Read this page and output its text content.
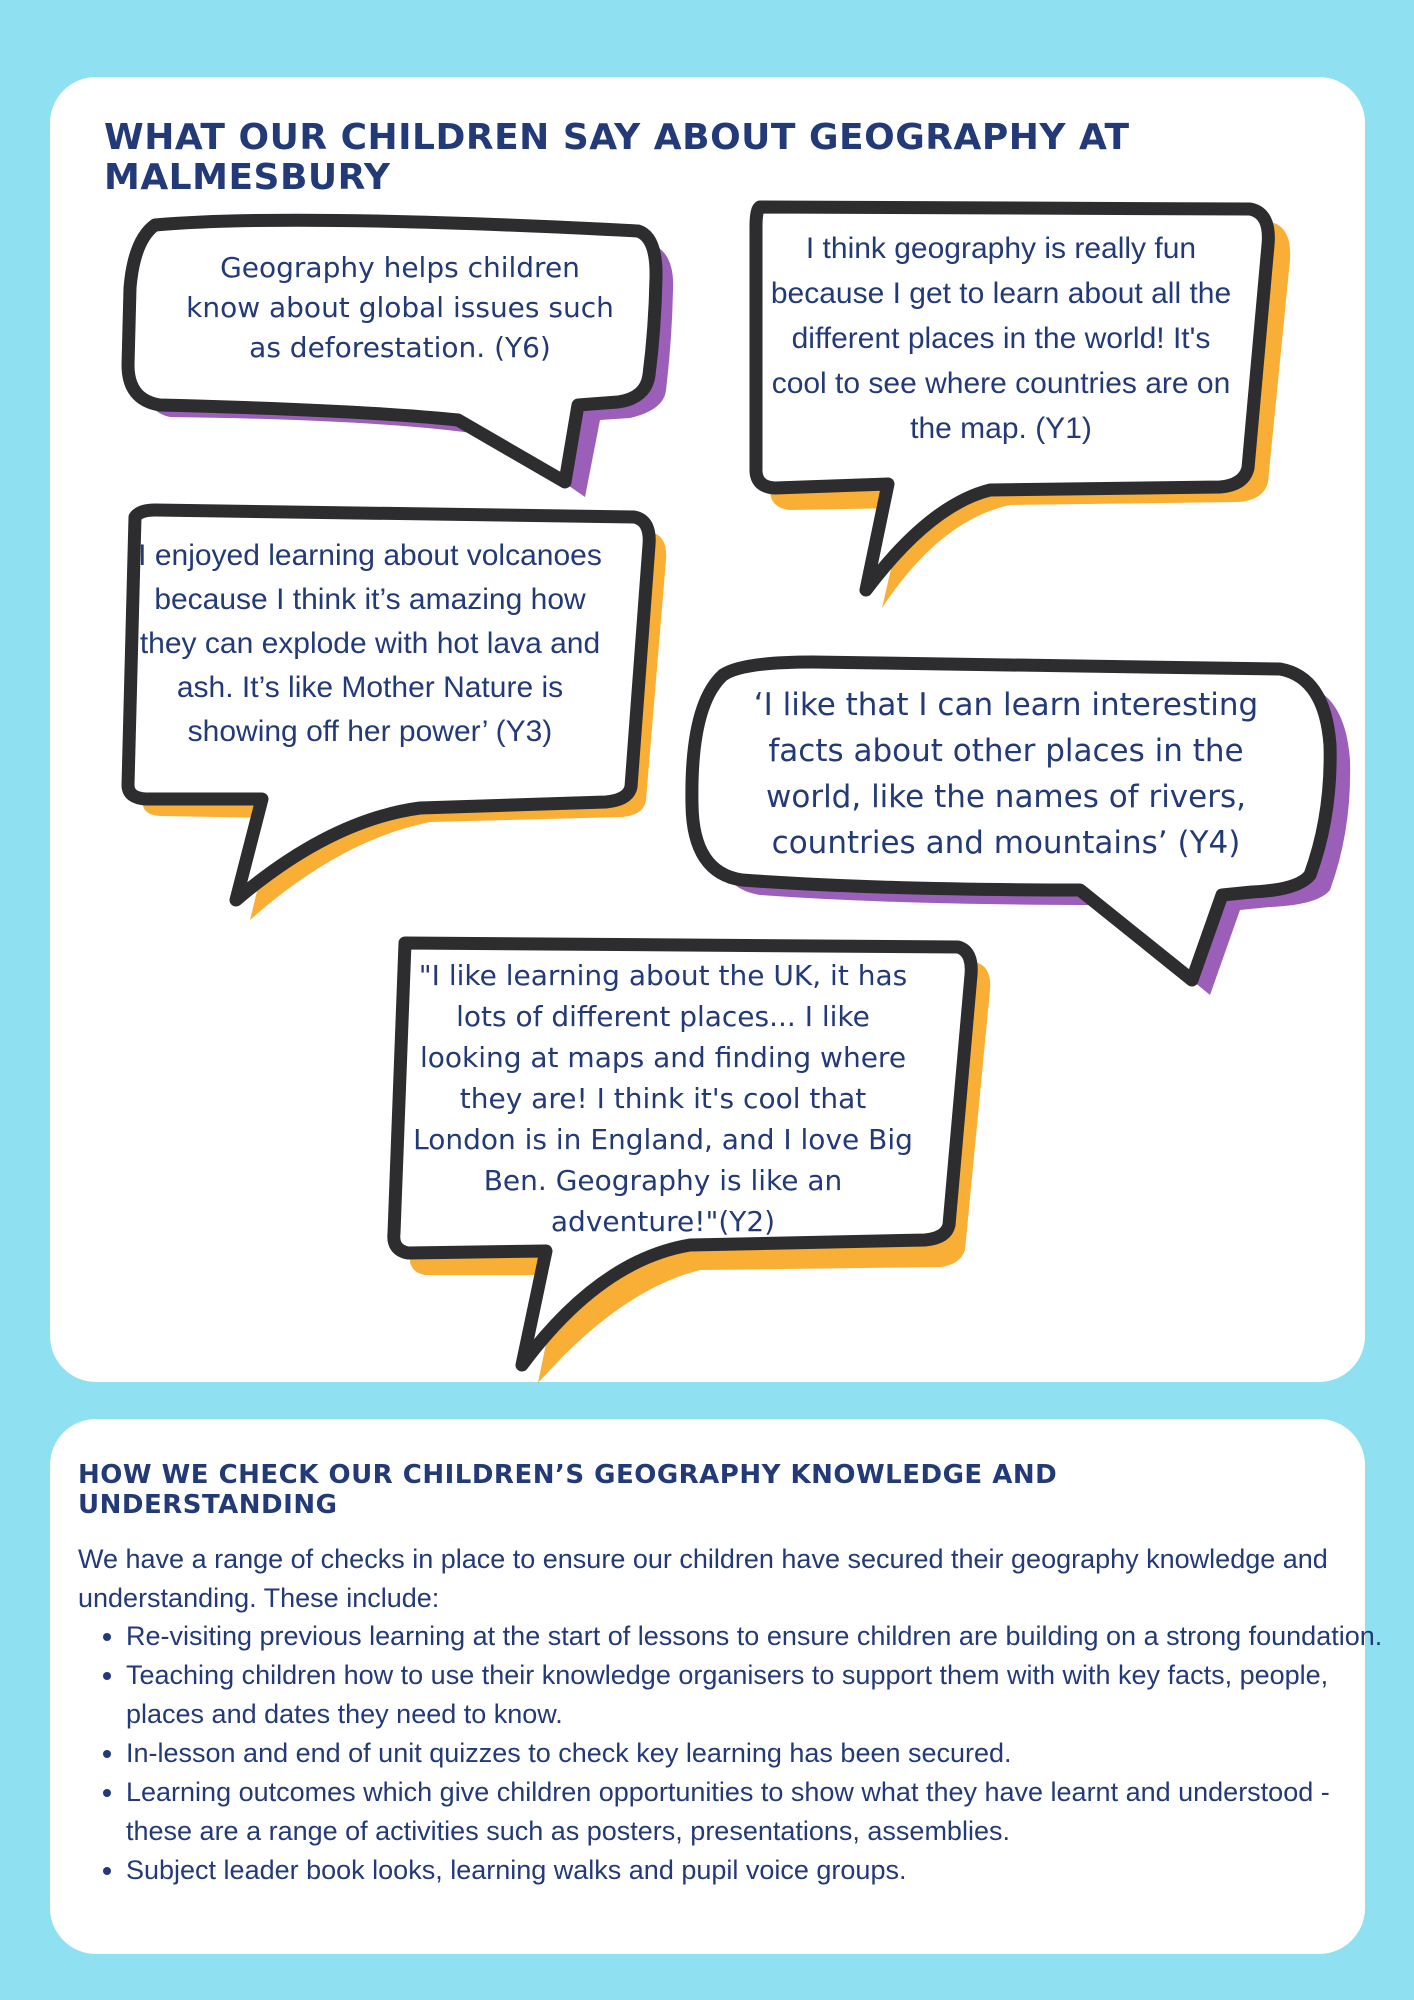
WHAT OUR CHILDREN SAY ABOUT GEOGRAPHY AT MALMESBURY

Geography helps children know about global issues such as deforestation. (Y6)

I think geography is really fun because I get to learn about all the different places in the world! It's cool to see where countries are on the map. (Y1)

I enjoyed learning about volcanoes because I think it’s amazing how they can explode with hot lava and ash. It’s like Mother Nature is showing off her power’ (Y3)

‘I like that I can learn interesting facts about other places in the world, like the names of rivers, countries and mountains’ (Y4)

"I like learning about the UK, it has lots of different places... I like looking at maps and finding where they are! I think it's cool that London is in England, and I love Big Ben. Geography is like an adventure!"(Y2)

HOW WE CHECK OUR CHILDREN’S GEOGRAPHY KNOWLEDGE AND UNDERSTANDING

We have a range of checks in place to ensure our children have secured their geography knowledge and understanding. These include:

• Re-visiting previous learning at the start of lessons to ensure children are building on a strong foundation.
• Teaching children how to use their knowledge organisers to support them with with key facts, people, places and dates they need to know.
• In-lesson and end of unit quizzes to check key learning has been secured.
• Learning outcomes which give children opportunities to show what they have learnt and understood - these are a range of activities such as posters, presentations, assemblies.
• Subject leader book looks, learning walks and pupil voice groups.
